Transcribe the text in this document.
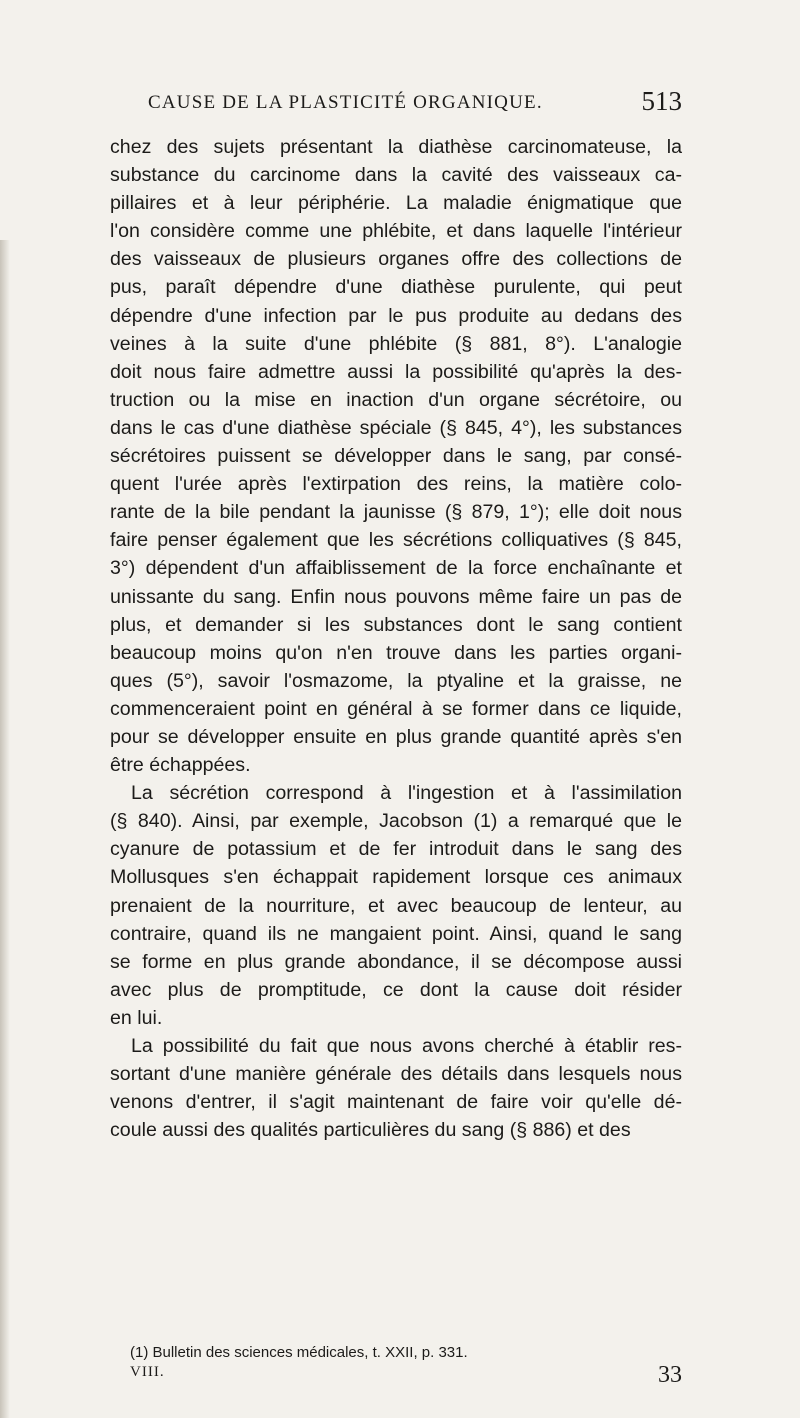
CAUSE DE LA PLASTICITÉ ORGANIQUE.	513

chez des sujets présentant la diathèse carcinomateuse, la
substance du carcinome dans la cavité des vaisseaux ca-
pillaires et à leur périphérie. La maladie énigmatique que
l'on considère comme une phlébite, et dans laquelle l'intérieur
des vaisseaux de plusieurs organes offre des collections de
pus, paraît dépendre d'une diathèse purulente, qui peut
dépendre d'une infection par le pus produite au dedans des
veines à la suite d'une phlébite (§ 881, 8°). L'analogie
doit nous faire admettre aussi la possibilité qu'après la des-
truction ou la mise en inaction d'un organe sécrétoire, ou
dans le cas d'une diathèse spéciale (§ 845, 4°), les substances
sécrétoires puissent se développer dans le sang, par consé-
quent l'urée après l'extirpation des reins, la matière colo-
rante de la bile pendant la jaunisse (§ 879, 1°); elle doit nous
faire penser également que les sécrétions colliquatives (§ 845,
3°) dépendent d'un affaiblissement de la force enchaînante et
unissante du sang. Enfin nous pouvons même faire un pas de
plus, et demander si les substances dont le sang contient
beaucoup moins qu'on n'en trouve dans les parties organi-
ques (5°), savoir l'osmazome, la ptyaline et la graisse, ne
commenceraient point en général à se former dans ce liquide,
pour se développer ensuite en plus grande quantité après s'en
être échappées.

La sécrétion correspond à l'ingestion et à l'assimilation
(§ 840). Ainsi, par exemple, Jacobson (1) a remarqué que le
cyanure de potassium et de fer introduit dans le sang des
Mollusques s'en échappait rapidement lorsque ces animaux
prenaient de la nourriture, et avec beaucoup de lenteur, au
contraire, quand ils ne mangaient point. Ainsi, quand le sang
se forme en plus grande abondance, il se décompose aussi
avec plus de promptitude, ce dont la cause doit résider
en lui.

La possibilité du fait que nous avons cherché à établir res-
sortant d'une manière générale des détails dans lesquels nous
venons d'entrer, il s'agit maintenant de faire voir qu'elle dé-
coule aussi des qualités particulières du sang (§ 886) et des

(1) Bulletin des sciences médicales, t. XXII, p. 331.
VIII.	33
